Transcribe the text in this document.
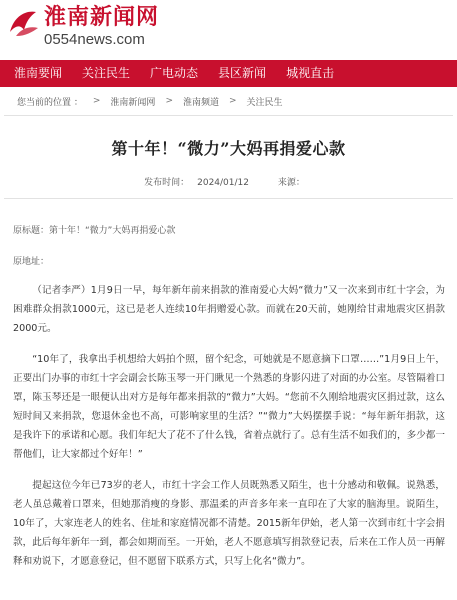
淮南新闻网
0554news.com
淮南要闻	关注民生	广电动态	县区新闻	城视直击
您当前的位置 ： > 淮南新闻网 > 淮南频道 > 关注民生
第十年！“微力”大妈再捐爱心款
发布时间： 2024/01/12	来源：
原标题：第十年！“微力”大妈再捐爱心款
原地址：

（记者李严）1月9日一早，每年新年前来捐款的淮南爱心大妈“微力”又一次来到市红十字会，为困难群众捐款1000元，这已是老人连续10年捐赠爱心款。而就在20天前，她刚给甘肃地震灾区捐款2000元。

“10年了，我拿出手机想给大妈拍个照，留个纪念，可她就是不愿意摘下口罩……”1月9日上午，正要出门办事的市红十字会副会长陈玉琴一开门瞅见一个熟悉的身影闪进了对面的办公室。尽管隔着口罩，陈玉琴还是一眼便认出对方是每年都来捐款的“微力”大妈。“您前不久刚给地震灾区捐过款，这么短时间又来捐款，您退休金也不高，可影响家里的生活？”“微力”大妈摆摆手说：“每年新年捐款，这是我许下的承诺和心愿。我们年纪大了花不了什么钱，省着点就行了。总有生活不如我们的，多少都一帮他们，让大家都过个好年！”

提起这位今年已73岁的老人，市红十字会工作人员既熟悉又陌生，也十分感动和敬佩。说熟悉，老人虽总戴着口罩来，但她那消瘦的身影、那温柔的声音多年来一直印在了大家的脑海里。说陌生，10年了，大家连老人的姓名、住址和家庭情况都不清楚。2015新年伊始，老人第一次到市红十字会捐款，此后每年新年一到，都会如期而至。一开始，老人不愿意填写捐款登记表，后来在工作人员一再解释和劝说下，才愿意登记，但不愿留下联系方式，只写上化名“微力”。
